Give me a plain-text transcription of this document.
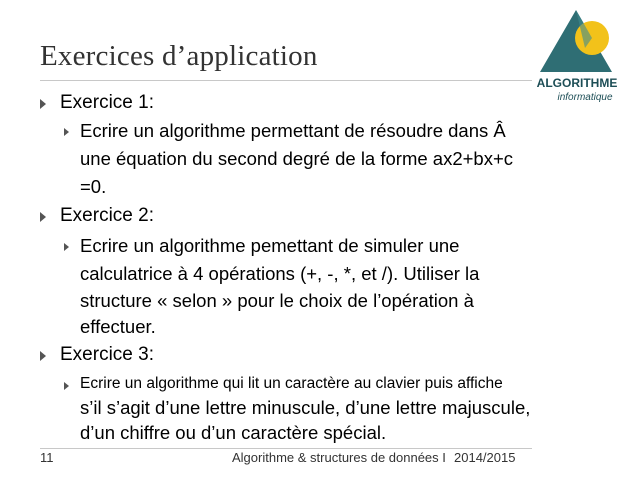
Exercices d’application
ALGORITHME
informatique
Exercice 1:
Ecrire un algorithme permettant de résoudre dans Â
une équation du second degré de la forme ax2+bx+c
=0.
Exercice 2:
Ecrire un algorithme pemettant de simuler une
calculatrice à 4 opérations (+, -, *, et /). Utiliser la
structure « selon » pour le choix de l’opération à
effectuer.
Exercice 3:
Ecrire un algorithme qui lit un caractère au clavier puis affiche
s’il s’agit d’une lettre minuscule, d’une lettre majuscule,
d’un chiffre ou d’un caractère spécial.
11	Algorithme & structures de données I 2014/2015
